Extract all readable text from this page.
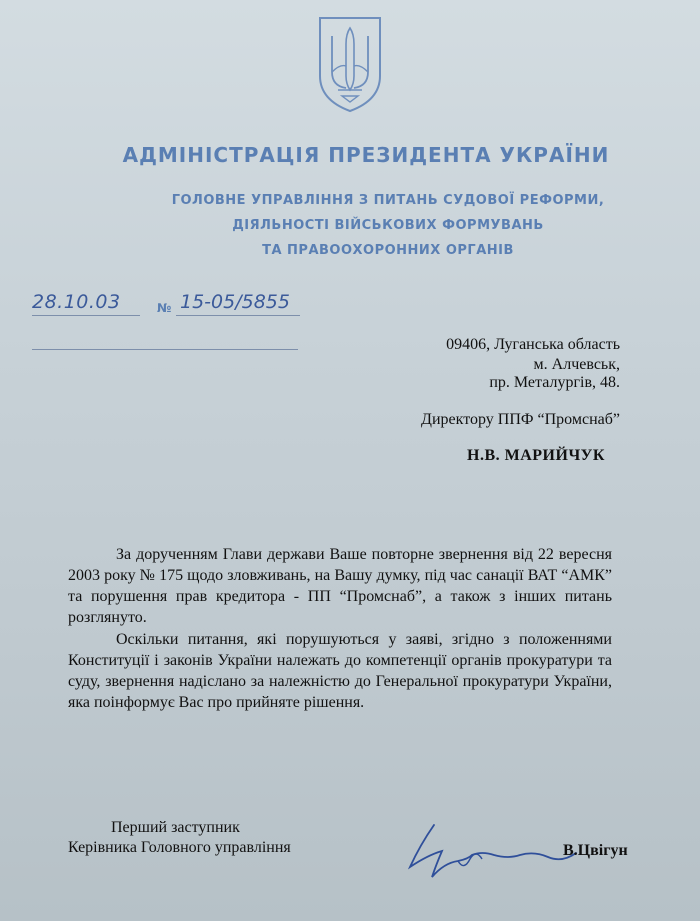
АДМІНІСТРАЦІЯ ПРЕЗИДЕНТА УКРАЇНИ
ГОЛОВНЕ УПРАВЛІННЯ З ПИТАНЬ СУДОВОЇ РЕФОРМИ,
ДІЯЛЬНОСТІ ВІЙСЬКОВИХ ФОРМУВАНЬ
ТА ПРАВООХОРОННИХ ОРГАНІВ
28.10.03	№ 15-05/5855
09406, Луганська область
м. Алчевськ,
пр. Металургів, 48.
Директору ППФ “Промснаб”
Н.В. МАРИЙЧУК
За дорученням Глави держави Ваше повторне звернення від 22 вересня 2003 року № 175 щодо зловживань, на Вашу думку, під час санації ВАТ “АМК” та порушення прав кредитора - ПП “Промснаб”, а також з інших питань розглянуто.
Оскільки питання, які порушуються у заяві, згідно з положеннями Конституції і законів України належать до компетенції органів прокуратури та суду, звернення надіслано за належністю до Генеральної прокуратури України, яка поінформує Вас про прийняте рішення.
Перший заступник
Керівника Головного управління	В.Цвігун
